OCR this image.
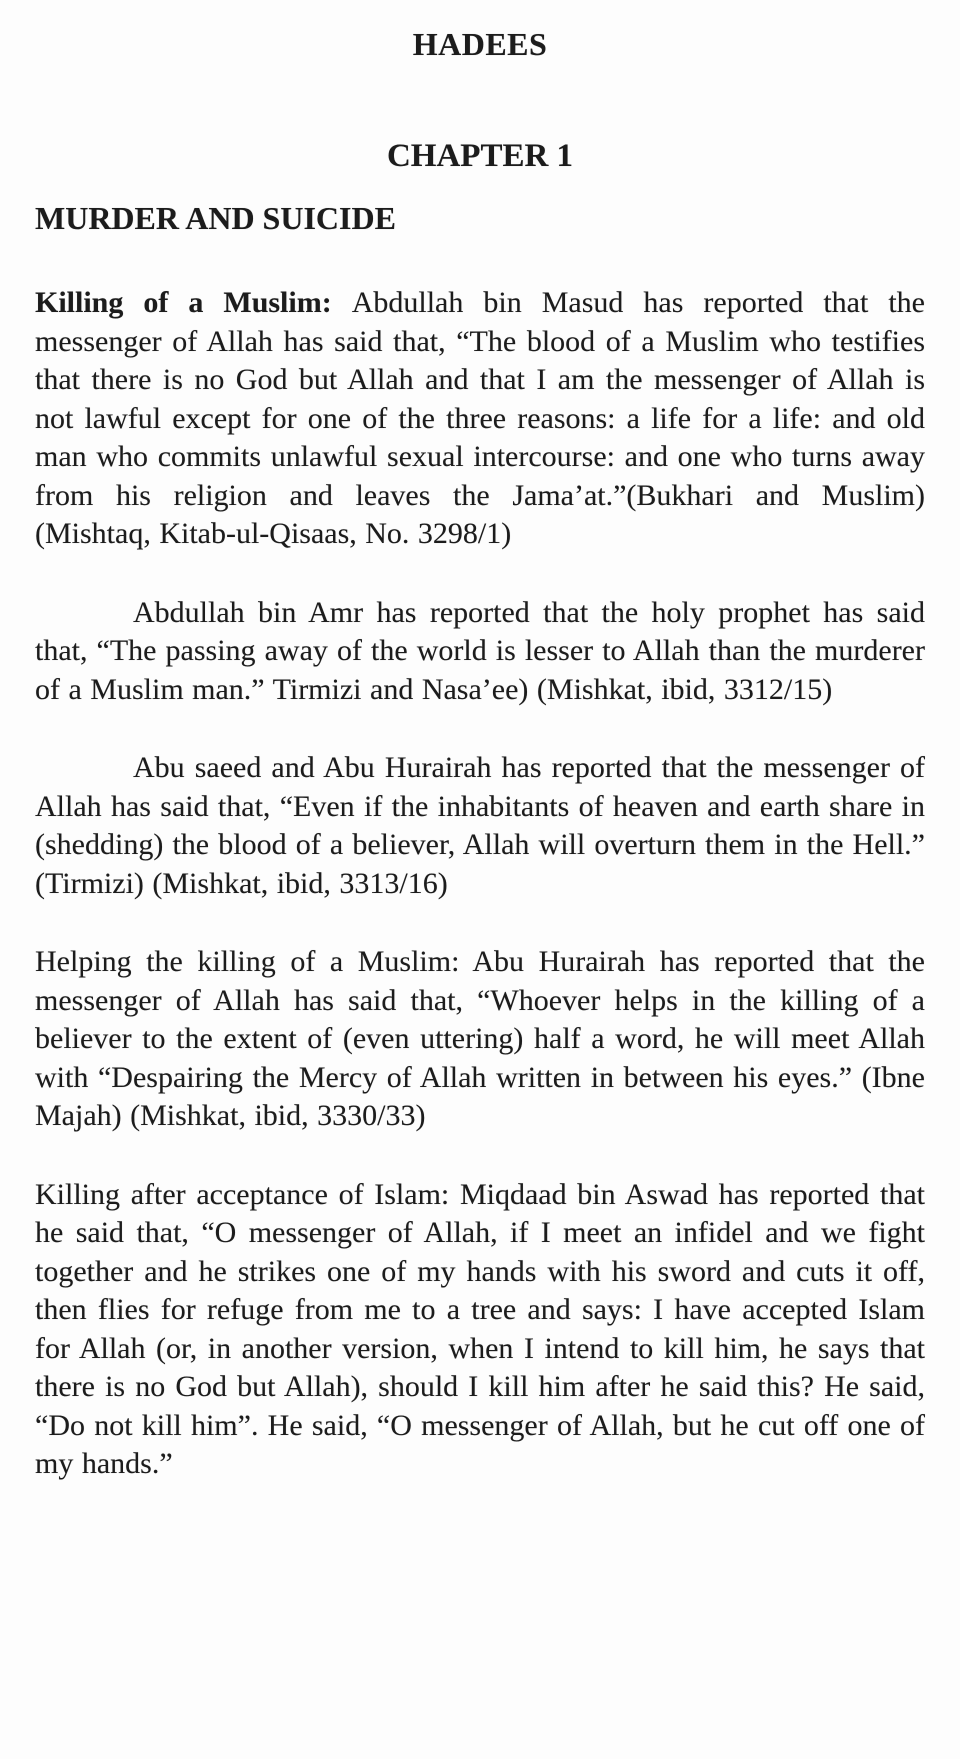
HADEES
CHAPTER 1
MURDER AND SUICIDE

Killing of a Muslim: Abdullah bin Masud has reported that the messenger of Allah has said that, “The blood of a Muslim who testifies that there is no God but Allah and that I am the messenger of Allah is not lawful except for one of the three reasons: a life for a life: and old man who commits unlawful sexual intercourse: and one who turns away from his religion and leaves the Jama’at.”(Bukhari and Muslim) (Mishtaq, Kitab-ul-Qisaas, No. 3298/1)

Abdullah bin Amr has reported that the holy prophet has said that, “The passing away of the world is lesser to Allah than the murderer of a Muslim man.” Tirmizi and Nasa’ee) (Mishkat, ibid, 3312/15)

Abu saeed and Abu Hurairah has reported that the messenger of Allah has said that, “Even if the inhabitants of heaven and earth share in (shedding) the blood of a believer, Allah will overturn them in the Hell.” (Tirmizi) (Mishkat, ibid, 3313/16)

Helping the killing of a Muslim: Abu Hurairah has reported that the messenger of Allah has said that, “Whoever helps in the killing of a believer to the extent of (even uttering) half a word, he will meet Allah with “Despairing the Mercy of Allah written in between his eyes.” (Ibne Majah) (Mishkat, ibid, 3330/33)

Killing after acceptance of Islam: Miqdaad bin Aswad has reported that he said that, “O messenger of Allah, if I meet an infidel and we fight together and he strikes one of my hands with his sword and cuts it off, then flies for refuge from me to a tree and says: I have accepted Islam for Allah (or, in another version, when I intend to kill him, he says that there is no God but Allah), should I kill him after he said this? He said, “Do not kill him”. He said, “O messenger of Allah, but he cut off one of my hands.”
